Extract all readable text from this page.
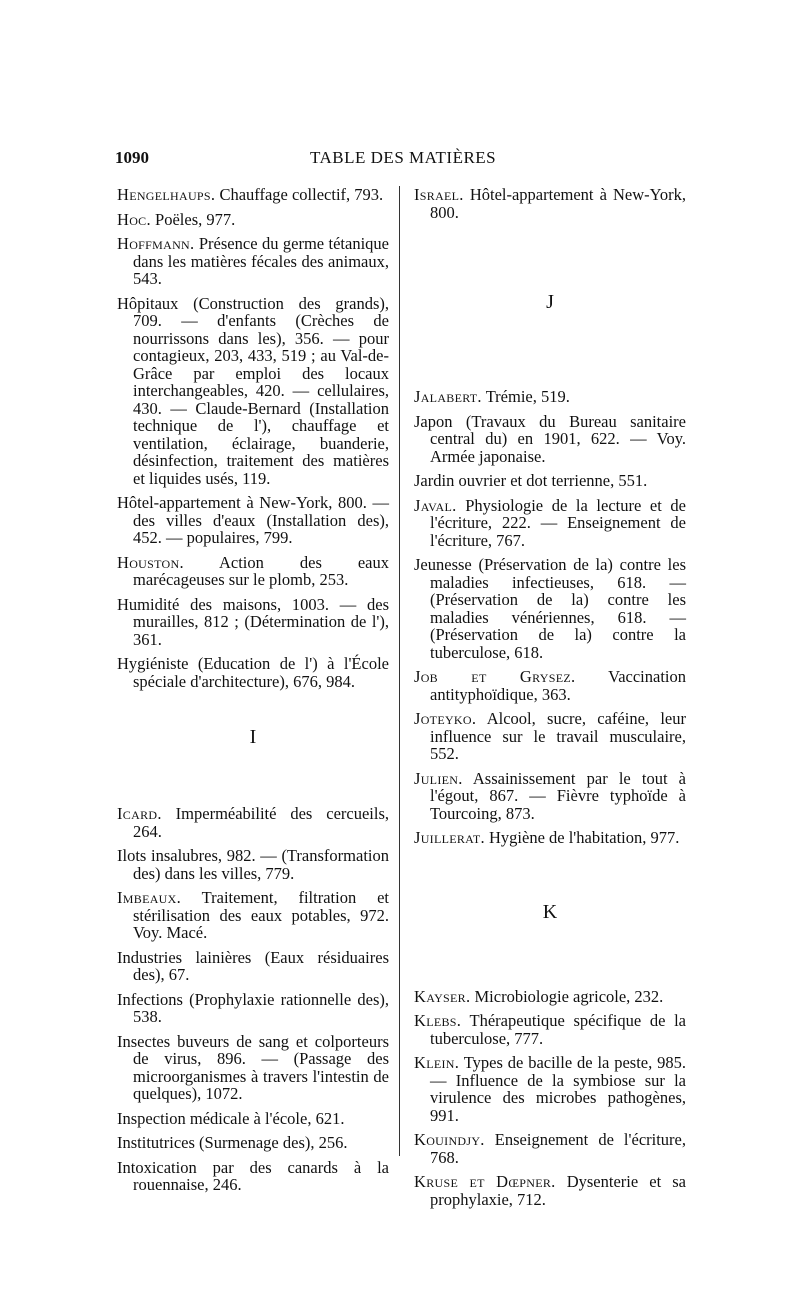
1090	TABLE DES MATIÈRES

Hengelhaups. Chauffage collectif, 793.

Hoc. Poëles, 977.

Hoffmann. Présence du germe tétanique dans les matières fécales des animaux, 543.

Hôpitaux (Construction des grands), 709. — d'enfants (Crèches de nourrissons dans les), 356. — pour contagieux, 203, 433, 519 ; au Val-de-Grâce par emploi des locaux interchangeables, 420. — cellulaires, 430. — Claude-Bernard (Installation technique de l'), chauffage et ventilation, éclairage, buanderie, désinfection, traitement des matières et liquides usés, 119.

Hôtel-appartement à New-York, 800. — des villes d'eaux (Installation des), 452. — populaires, 799.

Houston. Action des eaux marécageuses sur le plomb, 253.

Humidité des maisons, 1003. — des murailles, 812 ; (Détermination de l'), 361.

Hygiéniste (Education de l') à l'École spéciale d'architecture), 676, 984.

I

Icard. Imperméabilité des cercueils, 264.

Ilots insalubres, 982. — (Transformation des) dans les villes, 779.

Imbeaux. Traitement, filtration et stérilisation des eaux potables, 972. Voy. Macé.

Industries lainières (Eaux résiduaires des), 67.

Infections (Prophylaxie rationnelle des), 538.

Insectes buveurs de sang et colporteurs de virus, 896. — (Passage des microorganismes à travers l'intestin de quelques), 1072.

Inspection médicale à l'école, 621.

Institutrices (Surmenage des), 256.

Intoxication par des canards à la rouennaise, 246.

Israel. Hôtel-appartement à New-York, 800.

J

Jalabert. Trémie, 519.

Japon (Travaux du Bureau sanitaire central du) en 1901, 622. — Voy. Armée japonaise.

Jardin ouvrier et dot terrienne, 551.

Javal. Physiologie de la lecture et de l'écriture, 222. — Enseignement de l'écriture, 767.

Jeunesse (Préservation de la) contre les maladies infectieuses, 618. — (Préservation de la) contre les maladies vénériennes, 618. — (Préservation de la) contre la tuberculose, 618.

Job et Grysez. Vaccination antityphoïdique, 363.

Joteyko. Alcool, sucre, caféine, leur influence sur le travail musculaire, 552.

Julien. Assainissement par le tout à l'égout, 867. — Fièvre typhoïde à Tourcoing, 873.

Juillerat. Hygiène de l'habitation, 977.

K

Kayser. Microbiologie agricole, 232.

Klebs. Thérapeutique spécifique de la tuberculose, 777.

Klein. Types de bacille de la peste, 985. — Influence de la symbiose sur la virulence des microbes pathogènes, 991.

Kouindjy. Enseignement de l'écriture, 768.

Kruse et Dœpner. Dysenterie et sa prophylaxie, 712.
